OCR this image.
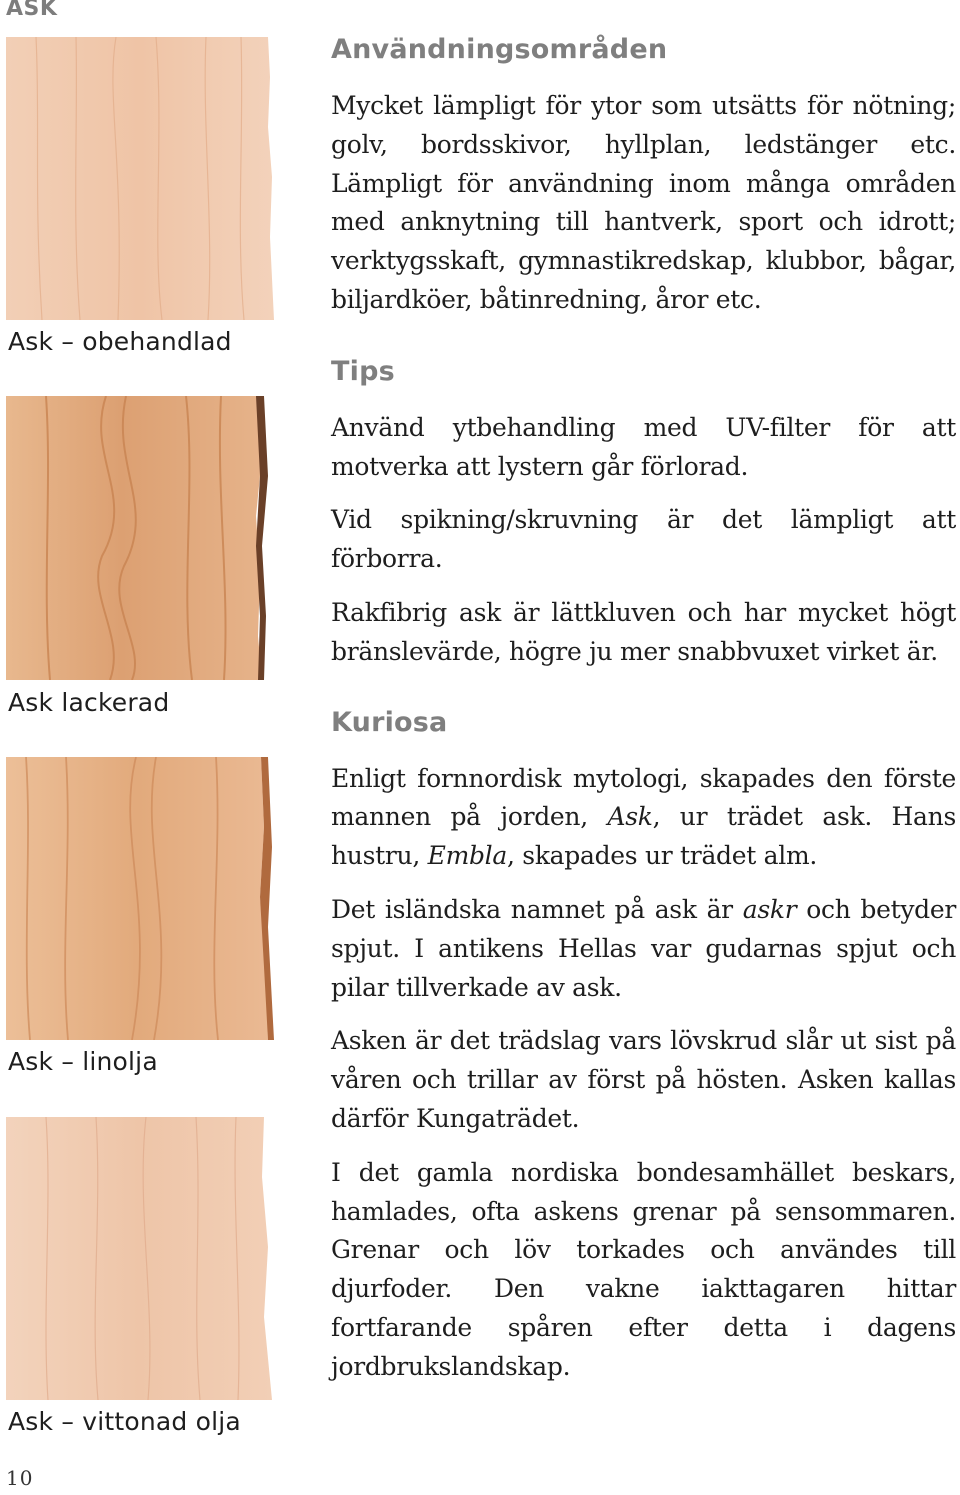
ASK
Ask – obehandlad
Ask lackerad
Ask – linolja
Ask – vittonad olja
Användningsområden

Mycket lämpligt för ytor som utsätts för nötning; golv, bordsskivor, hyllplan, ledstänger etc. Lämpligt för användning inom många områden med anknytning till hantverk, sport och idrott; verktygsskaft, gymnastikredskap, klubbor, bågar, biljardköer, båtinredning, åror etc.

Tips

Använd ytbehandling med UV-filter för att motverka att lystern går förlorad.

Vid spikning/skruvning är det lämpligt att förborra.

Rakfibrig ask är lättkluven och har mycket högt bränslevärde, högre ju mer snabbvuxet virket är.

Kuriosa

Enligt fornnordisk mytologi, skapades den förste mannen på jorden, Ask, ur trädet ask. Hans hustru, Embla, skapades ur trädet alm.

Det isländska namnet på ask är askr och betyder spjut. I antikens Hellas var gudarnas spjut och pilar tillverkade av ask.

Asken är det trädslag vars lövskrud slår ut sist på våren och trillar av först på hösten. Asken kallas därför Kungaträdet.

I det gamla nordiska bondesamhället beskars, hamlades, ofta askens grenar på sensommaren. Grenar och löv torkades och användes till djurfoder. Den vakne iakttagaren hittar fortfarande spåren efter detta i dagens jordbrukslandskap.

10
